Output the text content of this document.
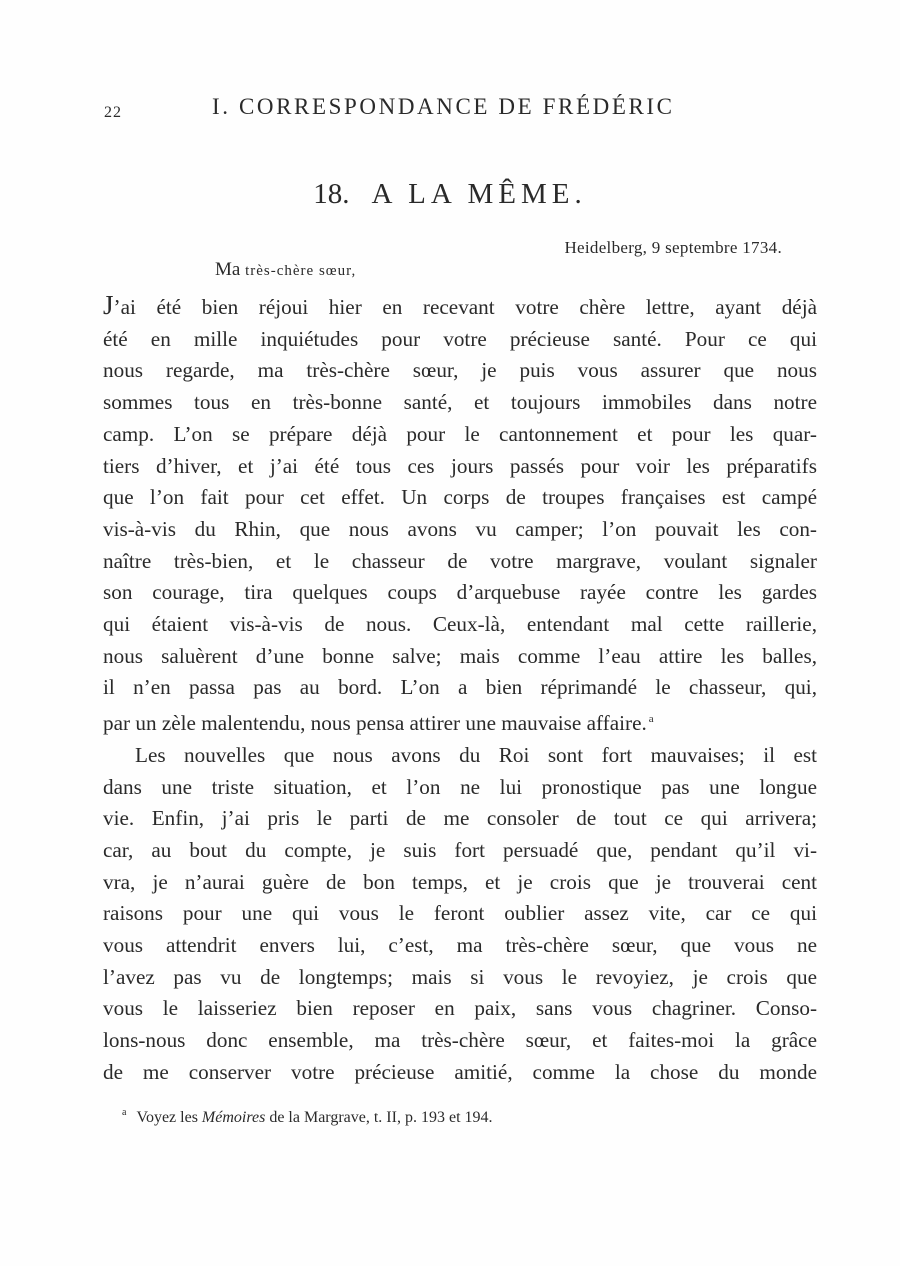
22	I. CORRESPONDANCE DE FRÉDÉRIC
18. A LA MÊME.
Heidelberg, 9 septembre 1734.
Ma très-chère sœur,
J’ai été bien réjoui hier en recevant votre chère lettre, ayant déjà
été en mille inquiétudes pour votre précieuse santé. Pour ce qui
nous regarde, ma très-chère sœur, je puis vous assurer que nous
sommes tous en très-bonne santé, et toujours immobiles dans notre
camp. L’on se prépare déjà pour le cantonnement et pour les quar-
tiers d’hiver, et j’ai été tous ces jours passés pour voir les préparatifs
que l’on fait pour cet effet. Un corps de troupes françaises est campé
vis-à-vis du Rhin, que nous avons vu camper; l’on pouvait les con-
naître très-bien, et le chasseur de votre margrave, voulant signaler
son courage, tira quelques coups d’arquebuse rayée contre les gardes
qui étaient vis-à-vis de nous. Ceux-là, entendant mal cette raillerie,
nous saluèrent d’une bonne salve; mais comme l’eau attire les balles,
il n’en passa pas au bord. L’on a bien réprimandé le chasseur, qui,
par un zèle malentendu, nous pensa attirer une mauvaise affaire. $^a$
Les nouvelles que nous avons du Roi sont fort mauvaises; il est
dans une triste situation, et l’on ne lui pronostique pas une longue
vie. Enfin, j’ai pris le parti de me consoler de tout ce qui arrivera;
car, au bout du compte, je suis fort persuadé que, pendant qu’il vi-
vra, je n’aurai guère de bon temps, et je crois que je trouverai cent
raisons pour une qui vous le feront oublier assez vite, car ce qui
vous attendrit envers lui, c’est, ma très-chère sœur, que vous ne
l’avez pas vu de longtemps; mais si vous le revoyiez, je crois que
vous le laisseriez bien reposer en paix, sans vous chagriner. Conso-
lons-nous donc ensemble, ma très-chère sœur, et faites-moi la grâce
de me conserver votre précieuse amitié, comme la chose du monde
$^a$ Voyez les Mémoires de la Margrave, t. II, p. 193 et 194.
